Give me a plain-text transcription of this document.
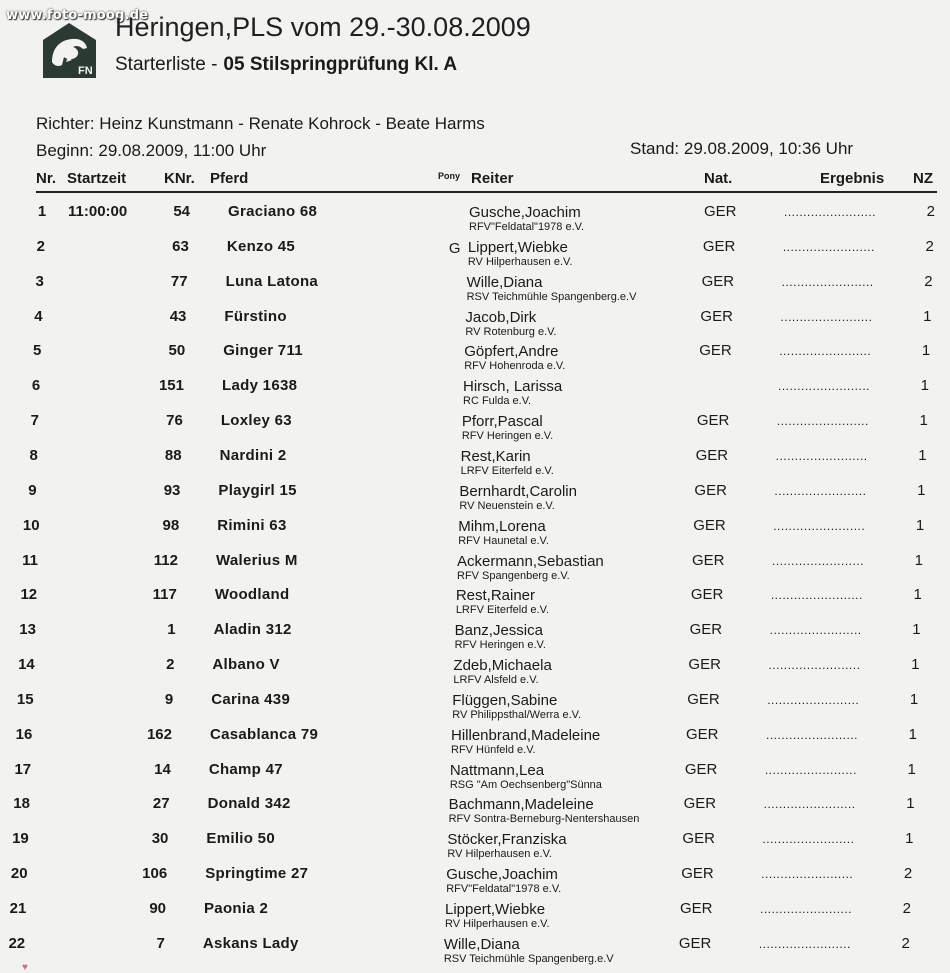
www.foto-moog.de
FN
Heringen,PLS vom 29.-30.08.2009
Starterliste - 05 Stilspringprüfung Kl. A
Richter: Heinz Kunstmann - Renate Kohrock - Beate Harms
Beginn: 29.08.2009, 11:00 Uhr	Stand: 29.08.2009, 10:36 Uhr
Nr. Startzeit	KNr. Pferd	Pony Reiter	Nat.	Ergebnis NZ
1	11:00:00	54	Graciano 68	Gusche,Joachim
RFV"Feldatal"1978 e.V.
GER	........................	2
2	63	Kenzo 45	G Lippert,Wiebke
RV Hilperhausen e.V.
GER	........................	2
3	77	Luna Latona	Wille,Diana
RSV Teichmühle Spangenberg.e.V
GER	........................	2
4	43	Fürstino	Jacob,Dirk
RV Rotenburg e.V.
GER	........................	1
5	50	Ginger 711	Göpfert,Andre
RFV Hohenroda e.V.
GER	........................	1
6	151	Lady 1638	Hirsch, Larissa
RC Fulda e.V.
........................	1
7	76	Loxley 63	Pforr,Pascal
RFV Heringen e.V.
GER	........................	1
8	88	Nardini 2	Rest,Karin
LRFV Eiterfeld e.V.
GER	........................	1
9	93	Playgirl 15	Bernhardt,Carolin
RV Neuenstein e.V.
GER	........................	1
10	98	Rimini 63	Mihm,Lorena
RFV Haunetal e.V.
GER	........................	1
11	112	Walerius M	Ackermann,Sebastian
RFV Spangenberg e.V.
GER	........................	1
12	117	Woodland	Rest,Rainer
LRFV Eiterfeld e.V.
GER	........................	1
13	1	Aladin 312	Banz,Jessica
RFV Heringen e.V.
GER	........................	1
14	2	Albano V	Zdeb,Michaela
LRFV Alsfeld e.V.
GER	........................	1
15	9	Carina 439	Flüggen,Sabine
RV Philippsthal/Werra e.V.
GER	........................	1
16	162	Casablanca 79	Hillenbrand,Madeleine
RFV Hünfeld e.V.
GER	........................	1
17	14	Champ 47	Nattmann,Lea
RSG "Am Oechsenberg"Sünna
GER	........................	1
18	27	Donald 342	Bachmann,Madeleine
RFV Sontra-Berneburg-Nentershausen
GER	........................	1
19	30	Emilio 50	Stöcker,Franziska
RV Hilperhausen e.V.
GER	........................	1
20	106	Springtime 27	Gusche,Joachim
RFV"Feldatal"1978 e.V.
GER	........................	2
21	90	Paonia 2	Lippert,Wiebke
RV Hilperhausen e.V.
GER	........................	2
22	7	Askans Lady	Wille,Diana
RSV Teichmühle Spangenberg.e.V
GER	........................	2
♥
